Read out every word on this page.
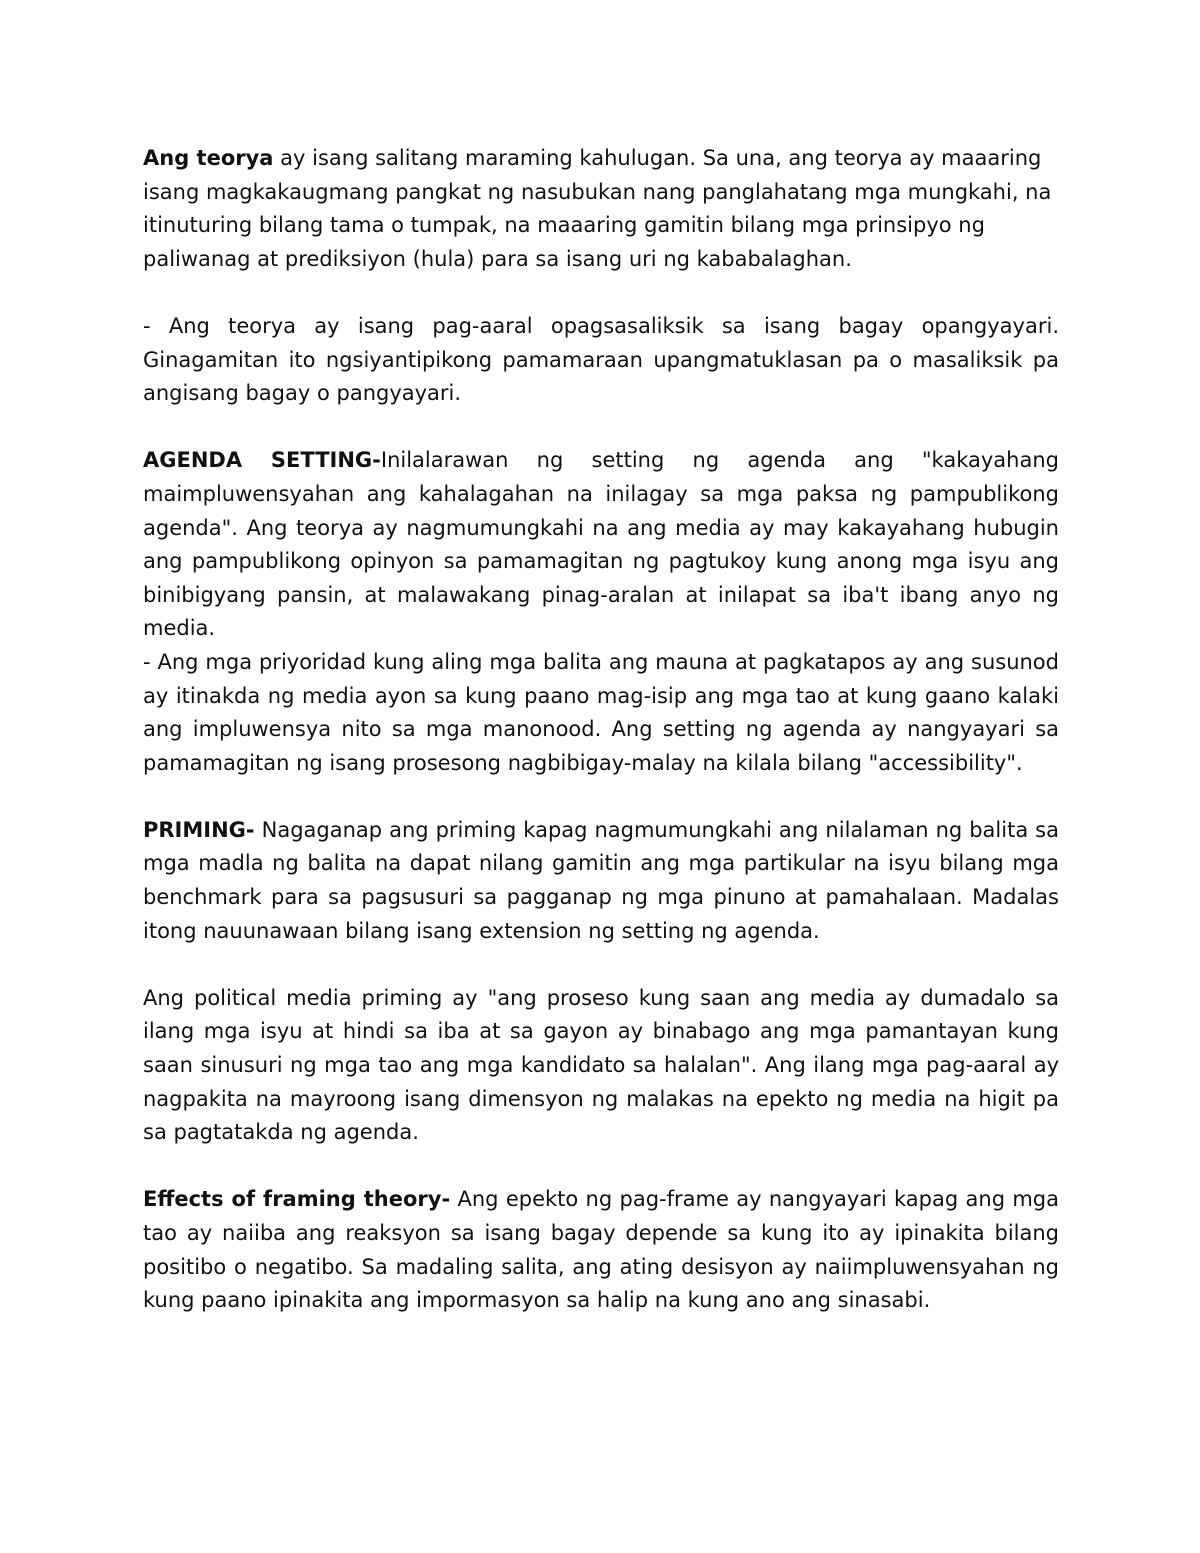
Ang teorya ay isang salitang maraming kahulugan. Sa una, ang teorya ay maaaring isang magkakaugmang pangkat ng nasubukan nang panglahatang mga mungkahi, na itinuturing bilang tama o tumpak, na maaaring gamitin bilang mga prinsipyo ng paliwanag at prediksiyon (hula) para sa isang uri ng kababalaghan.

- Ang teorya ay isang pag-aaral opagsasaliksik sa isang bagay opangyayari. Ginagamitan ito ngsiyantipikong pamamaraan upangmatuklasan pa o masaliksik pa angisang bagay o pangyayari.

AGENDA SETTING-Inilalarawan ng setting ng agenda ang "kakayahang maimpluwensyahan ang kahalagahan na inilagay sa mga paksa ng pampublikong agenda". Ang teorya ay nagmumungkahi na ang media ay may kakayahang hubugin ang pampublikong opinyon sa pamamagitan ng pagtukoy kung anong mga isyu ang binibigyang pansin, at malawakang pinag-aralan at inilapat sa iba't ibang anyo ng media.

- Ang mga priyoridad kung aling mga balita ang mauna at pagkatapos ay ang susunod ay itinakda ng media ayon sa kung paano mag-isip ang mga tao at kung gaano kalaki ang impluwensya nito sa mga manonood. Ang setting ng agenda ay nangyayari sa pamamagitan ng isang prosesong nagbibigay-malay na kilala bilang "accessibility".

PRIMING- Nagaganap ang priming kapag nagmumungkahi ang nilalaman ng balita sa mga madla ng balita na dapat nilang gamitin ang mga partikular na isyu bilang mga benchmark para sa pagsusuri sa pagganap ng mga pinuno at pamahalaan. Madalas itong nauunawaan bilang isang extension ng setting ng agenda.

Ang political media priming ay "ang proseso kung saan ang media ay dumadalo sa ilang mga isyu at hindi sa iba at sa gayon ay binabago ang mga pamantayan kung saan sinusuri ng mga tao ang mga kandidato sa halalan". Ang ilang mga pag-aaral ay nagpakita na mayroong isang dimensyon ng malakas na epekto ng media na higit pa sa pagtatakda ng agenda.

Effects of framing theory- Ang epekto ng pag-frame ay nangyayari kapag ang mga tao ay naiiba ang reaksyon sa isang bagay depende sa kung ito ay ipinakita bilang positibo o negatibo. Sa madaling salita, ang ating desisyon ay naiimpluwensyahan ng kung paano ipinakita ang impormasyon sa halip na kung ano ang sinasabi.
